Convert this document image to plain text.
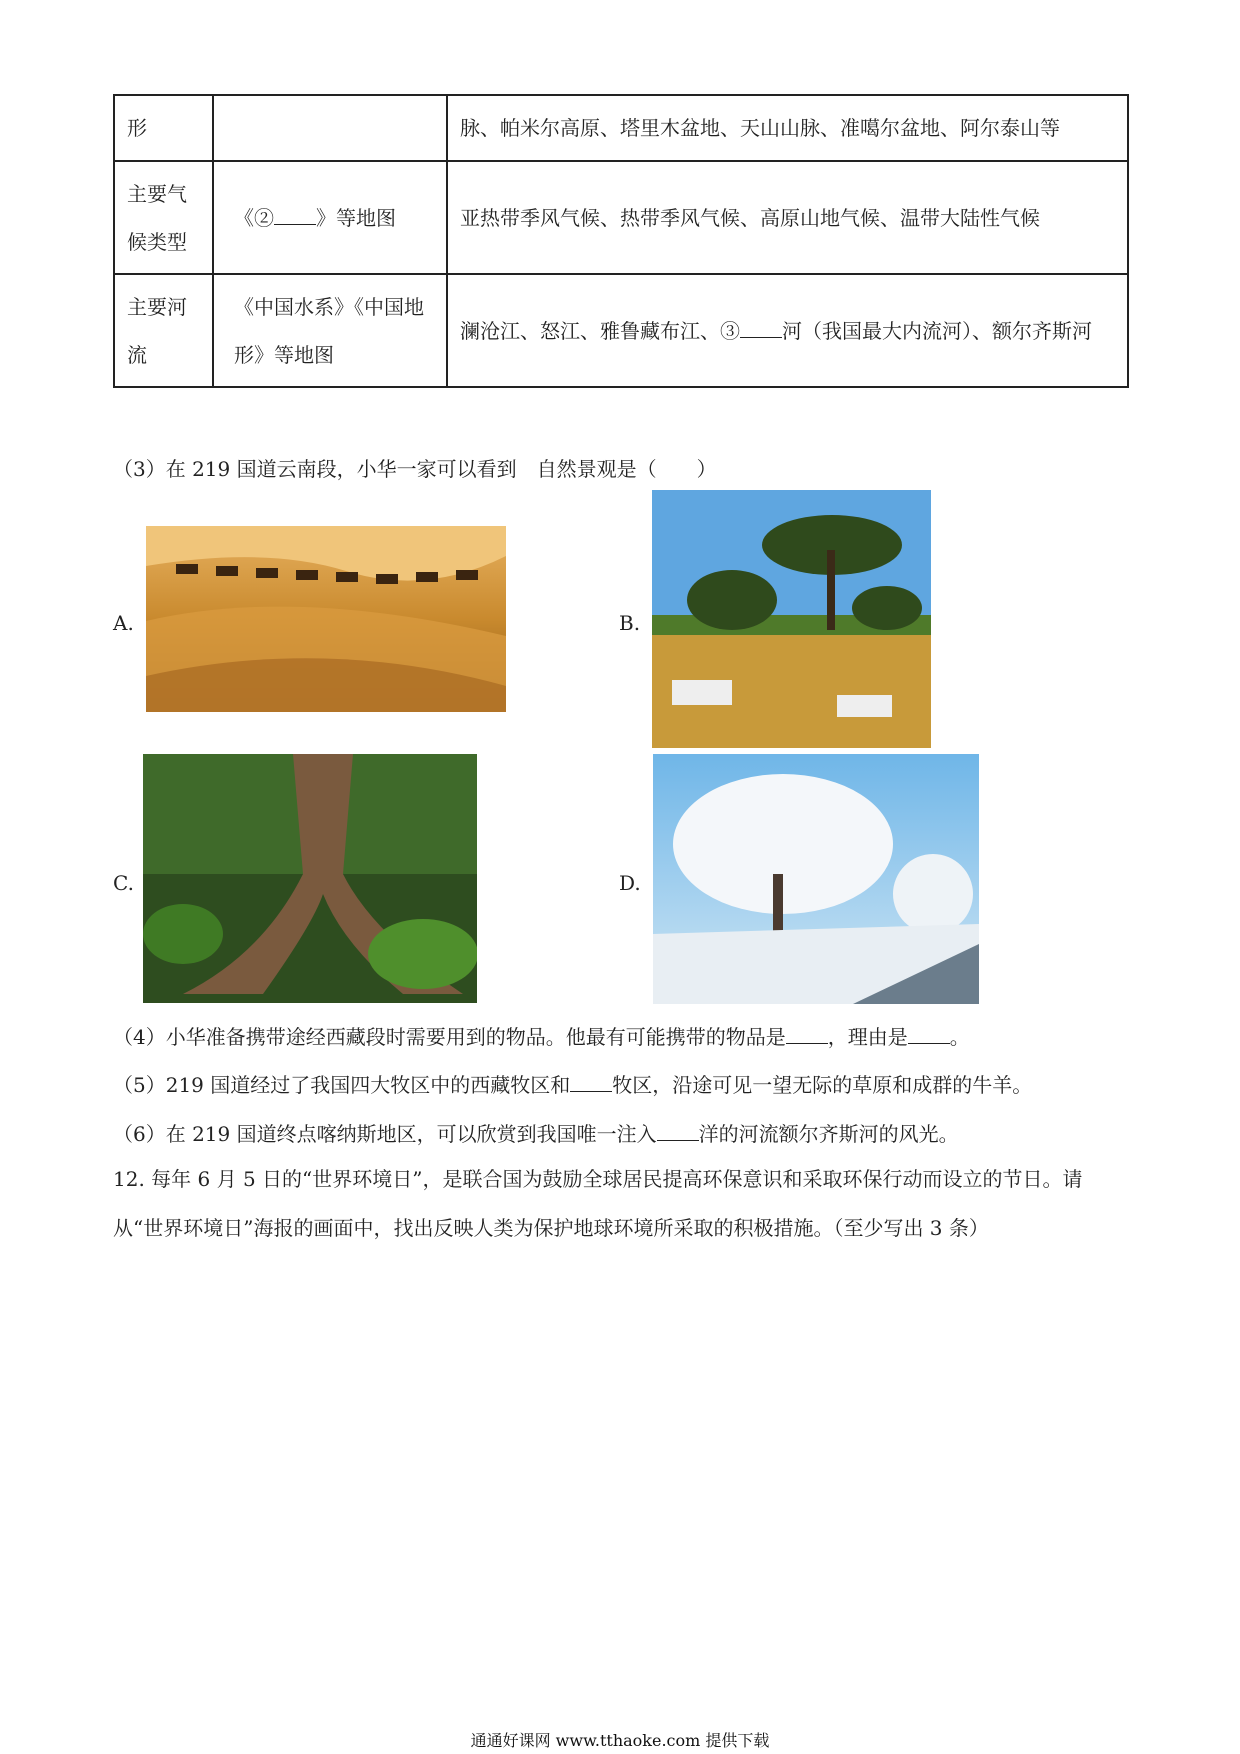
形		脉、帕米尔高原、塔里木盆地、天山山脉、准噶尔盆地、阿尔泰山等
主要气候类型	《② 》等地图	亚热带季风气候、热带季风气候、高原山地气候、温带大陆性气候
主要河流	《中国水系》《中国地形》等地图	澜沧江、怒江、雅鲁藏布江、③ 河（我国最大内流河）、额尔齐斯河
（3）在 219 国道云南段，小华一家可以看到　自然景观是（　　）
A.	B.
C.	D.
（4）小华准备携带途经西藏段时需要用到的物品。他最有可能携带的物品是 ，理由是 。
（5）219 国道经过了我国四大牧区中的西藏牧区和 牧区，沿途可见一望无际的草原和成群的牛羊。
（6）在 219 国道终点喀纳斯地区，可以欣赏到我国唯一注入 洋的河流额尔齐斯河的风光。
12. 每年 6 月 5 日的“世界环境日”，是联合国为鼓励全球居民提高环保意识和采取环保行动而设立的节日。请从“世界环境日”海报的画面中，找出反映人类为保护地球环境所采取的积极措施。（至少写出 3 条）
通通好课网 www.tthaoke.com 提供下载
